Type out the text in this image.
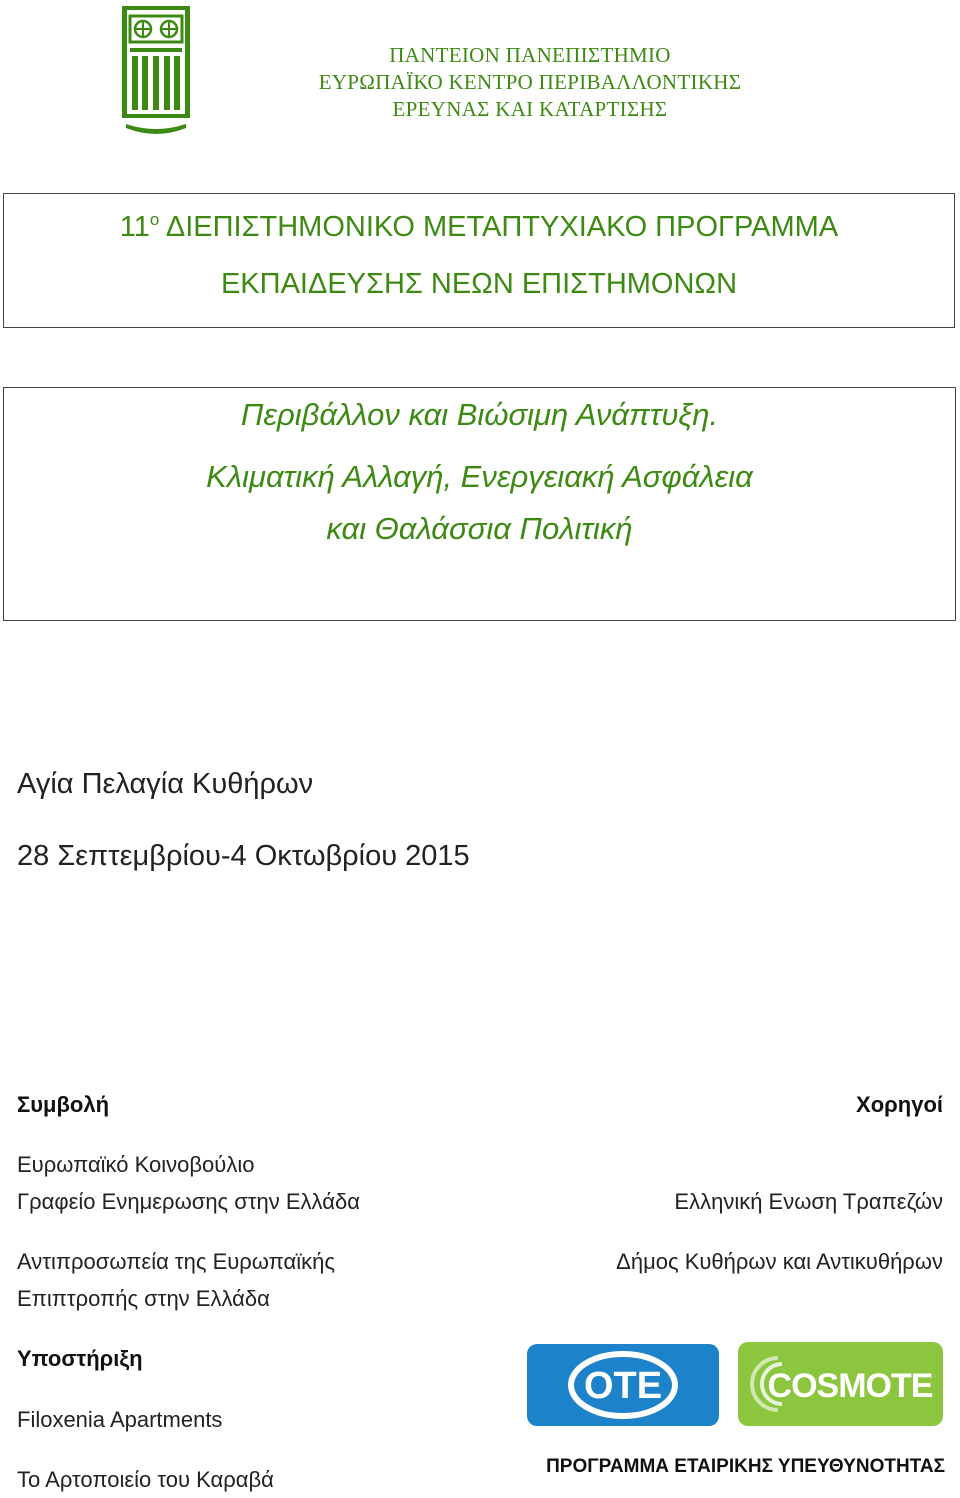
ΠΑΝΤΕΙΟΝ ΠΑΝΕΠΙΣΤΗΜΙΟ
ΕΥΡΩΠΑΪΚΟ ΚΕΝΤΡΟ ΠΕΡΙΒΑΛΛΟΝΤΙΚΗΣ
ΕΡΕΥΝΑΣ ΚΑΙ ΚΑΤΑΡΤΙΣΗΣ
$11^o$ ΔΙΕΠΙΣΤΗΜΟΝΙΚΟ ΜΕΤΑΠΤΥΧΙΑΚΟ ΠΡΟΓΡΑΜΜΑ
ΕΚΠΑΙΔΕΥΣΗΣ ΝΕΩΝ ΕΠΙΣΤΗΜΟΝΩΝ
Περιβάλλον και Βιώσιμη Ανάπτυξη.
Κλιματική Αλλαγή, Ενεργειακή Ασφάλεια
και Θαλάσσια Πολιτική
Αγία Πελαγία Κυθήρων
28 Σεπτεμβρίου-4 Οκτωβρίου 2015
Συμβολή
Ευρωπαϊκό Κοινοβούλιο
Γραφείο Ενημερωσης στην Ελλάδα
Αντιπροσωπεία της Ευρωπαϊκής
Επιπτροπής στην Ελλάδα
Χορηγοί
Ελληνική Ενωση Τραπεζών
Δήμος Κυθήρων και Αντικυθήρων
Υποστήριξη
Filoxenia Apartments
Το Αρτοποιείο του Καραβά
OTE	COSMOTE
ΠΡΟΓΡΑΜΜΑ ΕΤΑΙΡΙΚΗΣ ΥΠΕΥΘΥΝΟΤΗΤΑΣ
